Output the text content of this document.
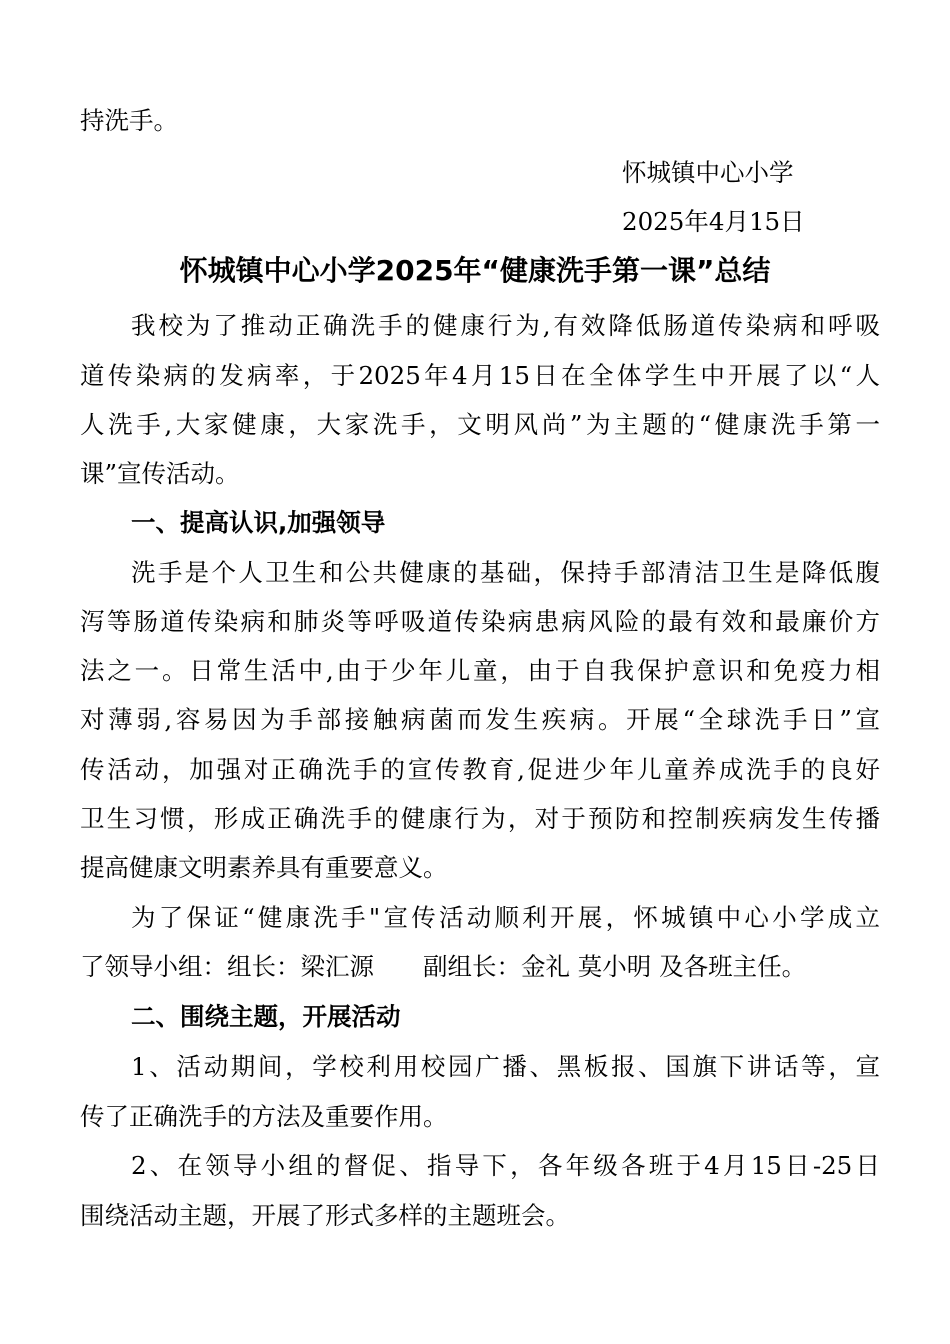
持洗手。
怀城镇中心小学
2025年4月15日
怀城镇中心小学2025年“健康洗手第一课”总结
我校为了推动正确洗手的健康行为,有效降低肠道传染病和呼吸
道传染病的发病率，于2025年4月15日在全体学生中开展了以“人
人洗手,大家健康，大家洗手，文明风尚”为主题的“健康洗手第一
课”宣传活动。
一、提高认识,加强领导
洗手是个人卫生和公共健康的基础，保持手部清洁卫生是降低腹
泻等肠道传染病和肺炎等呼吸道传染病患病风险的最有效和最廉价方
法之一。日常生活中,由于少年儿童，由于自我保护意识和免疫力相
对薄弱,容易因为手部接触病菌而发生疾病。开展“全球洗手日”宣
传活动，加强对正确洗手的宣传教育,促进少年儿童养成洗手的良好
卫生习惯，形成正确洗手的健康行为，对于预防和控制疾病发生传播
提高健康文明素养具有重要意义。
为了保证“健康洗手"宣传活动顺利开展，怀城镇中心小学成立
了领导小组：组长：梁汇源　　副组长：金礼 莫小明 及各班主任。
二、围绕主题，开展活动
1、活动期间，学校利用校园广播、黑板报、国旗下讲话等，宣
传了正确洗手的方法及重要作用。
2、在领导小组的督促、指导下，各年级各班于4月15日-25日
围绕活动主题，开展了形式多样的主题班会。
